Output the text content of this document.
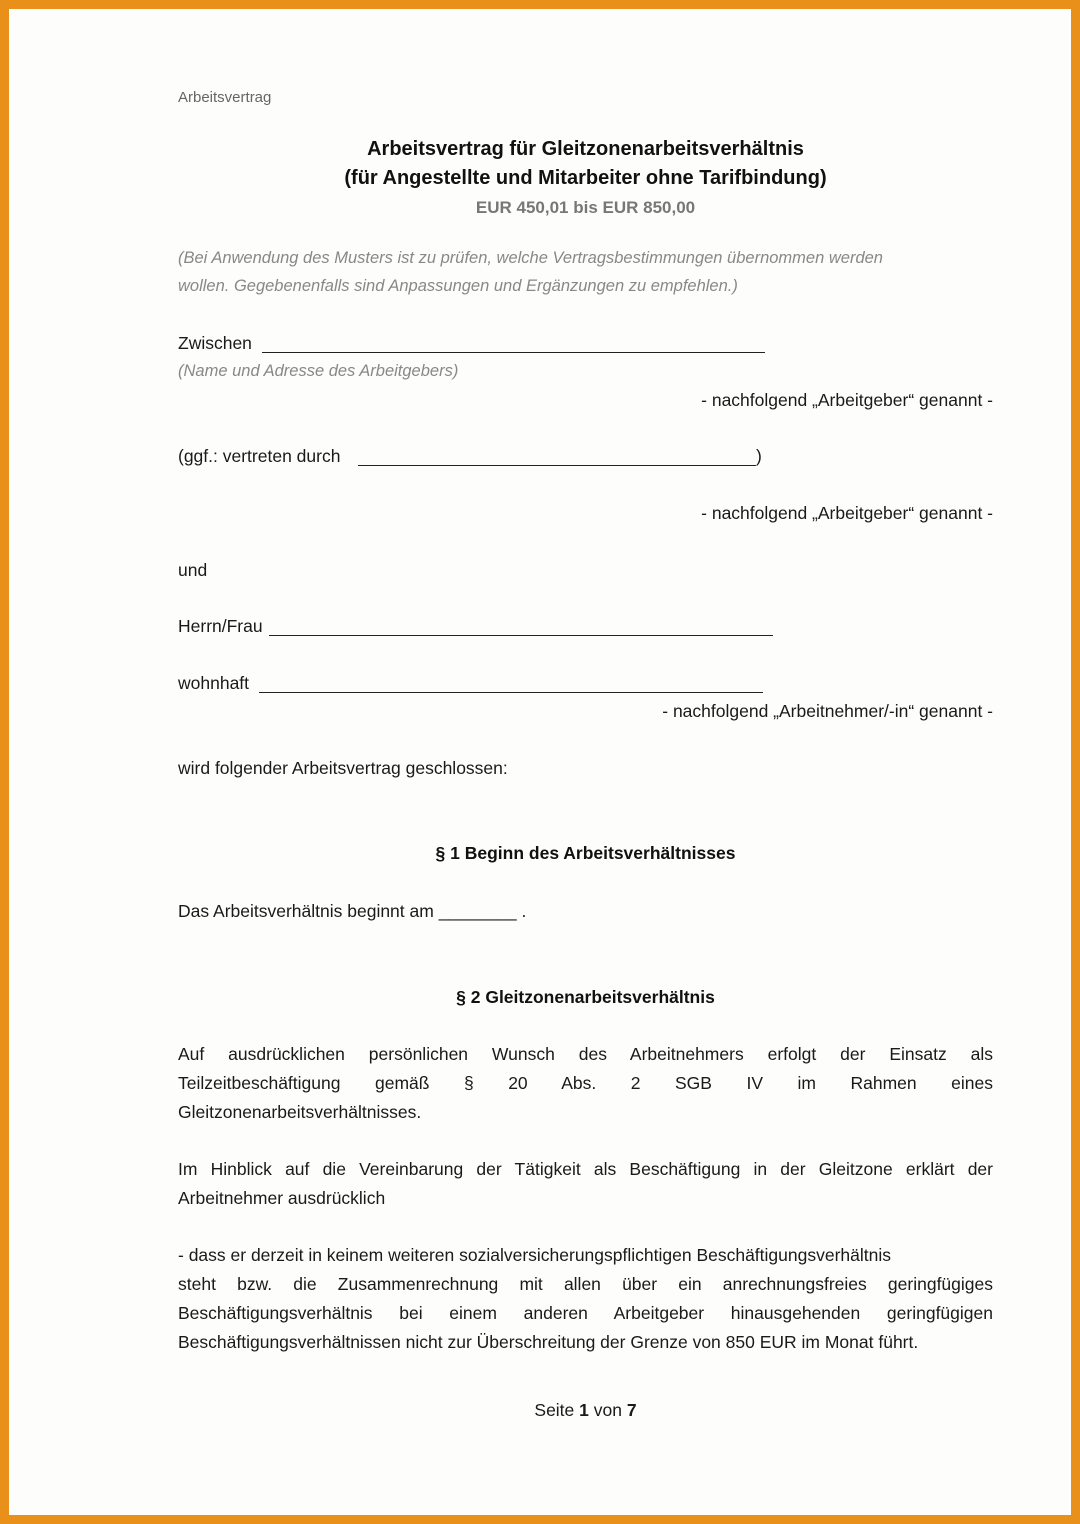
Arbeitsvertrag
Arbeitsvertrag für Gleitzonenarbeitsverhältnis
(für Angestellte und Mitarbeiter ohne Tarifbindung)
EUR 450,01 bis EUR 850,00
(Bei Anwendung des Musters ist zu prüfen, welche Vertragsbestimmungen übernommen werden
wollen. Gegebenenfalls sind Anpassungen und Ergänzungen zu empfehlen.)
Zwischen
(Name und Adresse des Arbeitgebers)
- nachfolgend „Arbeitgeber“ genannt -
(ggf.: vertreten durch	)
- nachfolgend „Arbeitgeber“ genannt -
und
Herrn/Frau
wohnhaft
- nachfolgend „Arbeitnehmer/-in“ genannt -
wird folgender Arbeitsvertrag geschlossen:
§ 1 Beginn des Arbeitsverhältnisses
Das Arbeitsverhältnis beginnt am ________ .
§ 2 Gleitzonenarbeitsverhältnis
Auf ausdrücklichen persönlichen Wunsch des Arbeitnehmers erfolgt der Einsatz als
Teilzeitbeschäftigung gemäß § 20 Abs. 2 SGB IV im Rahmen eines
Gleitzonenarbeitsverhältnisses.
Im Hinblick auf die Vereinbarung der Tätigkeit als Beschäftigung in der Gleitzone erklärt der
Arbeitnehmer ausdrücklich
- dass er derzeit in keinem weiteren sozialversicherungspflichtigen Beschäftigungsverhältnis
steht bzw. die Zusammenrechnung mit allen über ein anrechnungsfreies geringfügiges
Beschäftigungsverhältnis bei einem anderen Arbeitgeber hinausgehenden geringfügigen
Beschäftigungsverhältnissen nicht zur Überschreitung der Grenze von 850 EUR im Monat führt.
Seite 1 von 7
